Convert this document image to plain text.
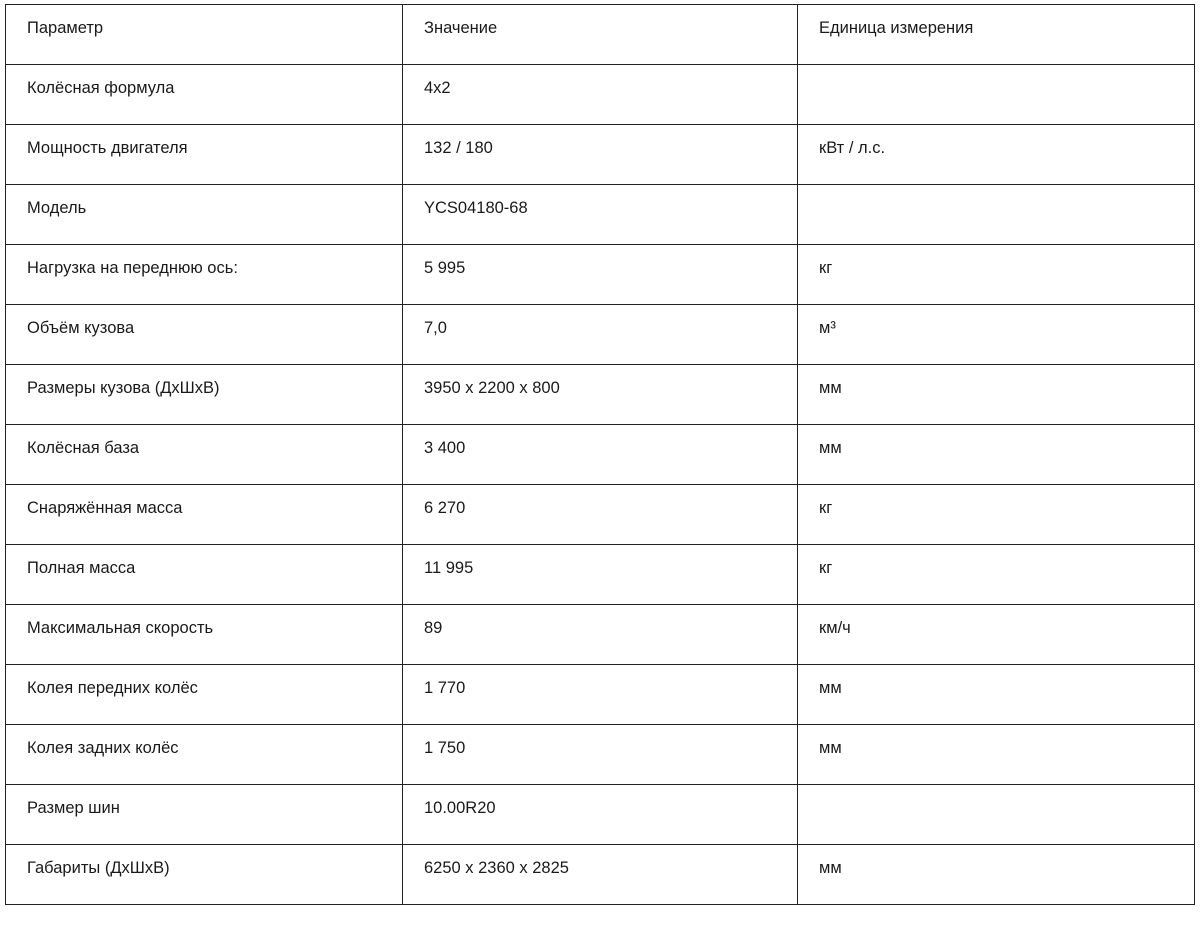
Параметр	Значение	Единица измерения

Колёсная формула	4x2	

Мощность двигателя	132 / 180	кВт / л.с.

Модель	YCS04180-68	

Нагрузка на переднюю ось:	5 995	кг

Объём кузова	7,0	м³

Размеры кузова (ДхШхВ)	3950 x 2200 x 800	мм

Колёсная база	3 400	мм

Снаряжённая масса	6 270	кг

Полная масса	11 995	кг

Максимальная скорость	89	км/ч

Колея передних колёс	1 770	мм

Колея задних колёс	1 750	мм

Размер шин	10.00R20	

Габариты (ДхШхВ)	6250 x 2360 x 2825	мм
